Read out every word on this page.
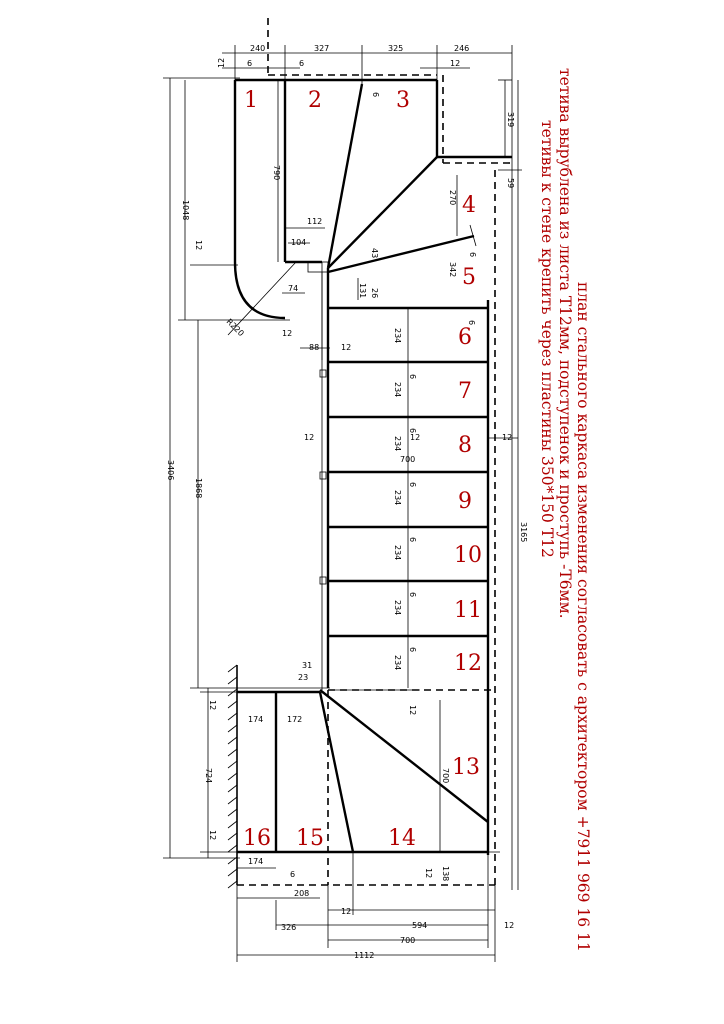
план стального каркаса изменения согласовать с архитектором +7911 969 16 11
тетива вырублена из листа Т12мм, подступенок и проступь -Т6мм.
тетивы к стене крепить через пластины 350*150 Т12
1 2	3
4
5
6
7
8
9
10
11
12
13
14
15
16
240	327	325	246
12	6	6	12
1048
3406
1868
724
12
12
12
12
790
112
104
74
R220	12
88	12
43
26
131
6
319
59
3165
12
270
342
6
234
6
234
6
234
6
700
12
234
6
234
6
234
6
234
6
12
700
31
23
174	172
174
6
208
12
326	594	12
700
1112
12 138
